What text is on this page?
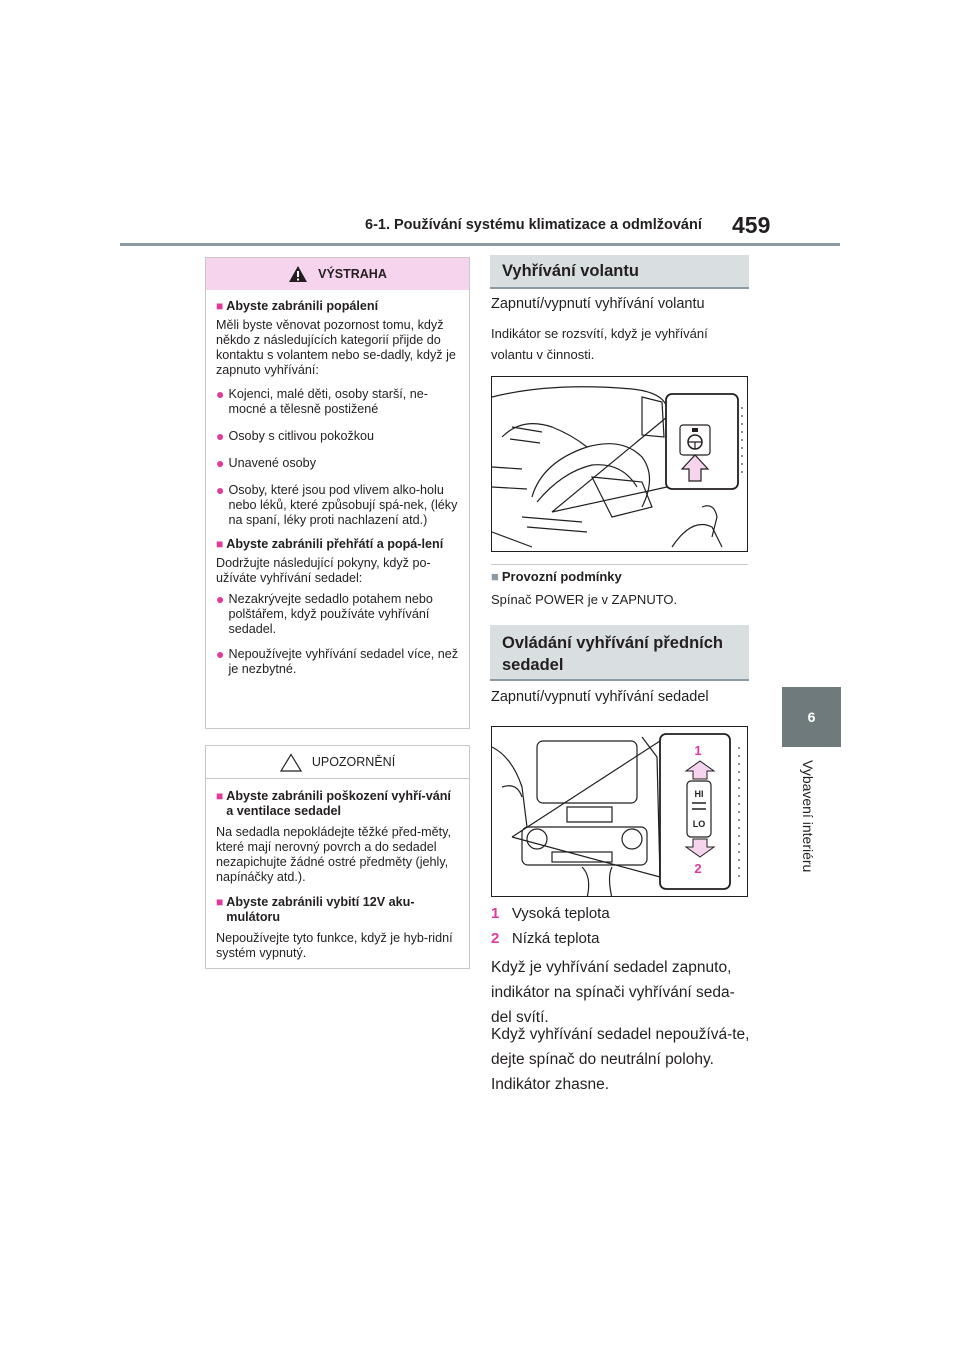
6-1. Používání systému klimatizace a odmlžování 459
6
Vybavení interiéru
VÝSTRAHA
■ Abyste zabránili popálení
Měli byste věnovat pozornost tomu, když někdo z následujících kategorií přijde do kontaktu s volantem nebo se-dadly, když je zapnuto vyhřívání:
● Kojenci, malé děti, osoby starší, ne-mocné a tělesně postižené
● Osoby s citlivou pokožkou
● Unavené osoby
● Osoby, které jsou pod vlivem alko-holu nebo léků, které způsobují spá-nek, (léky na spaní, léky proti nachlazení atd.)
■ Abyste zabránili přehřátí a popá-lení
Dodržujte následující pokyny, když po-užíváte vyhřívání sedadel:
● Nezakrývejte sedadlo potahem nebo polštářem, když používáte vyhřívání sedadel.
● Nepoužívejte vyhřívání sedadel více, než je nezbytné.
UPOZORNĚNÍ
■ Abyste zabránili poškození vyhří-vání a ventilace sedadel
Na sedadla nepokládejte těžké před-měty, které mají nerovný povrch a do sedadel nezapichujte žádné ostré předměty (jehly, napínáčky atd.).
■ Abyste zabránili vybití 12V aku-mulátoru
Nepoužívejte tyto funkce, když je hyb-ridní systém vypnutý.
Vyhřívání volantu
Zapnutí/vypnutí vyhřívání volantu
Indikátor se rozsvítí, když je vyhřívání volantu v činnosti.
■ Provozní podmínky
Spínač POWER je v ZAPNUTO.
Ovládání vyhřívání předních sedadel
Zapnutí/vypnutí vyhřívání sedadel
1
HI
LO
2
1 Vysoká teplota
2 Nízká teplota
Když je vyhřívání sedadel zapnuto, indikátor na spínači vyhřívání seda-del svítí.
Když vyhřívání sedadel nepoužívá-te, dejte spínač do neutrální polohy. Indikátor zhasne.
